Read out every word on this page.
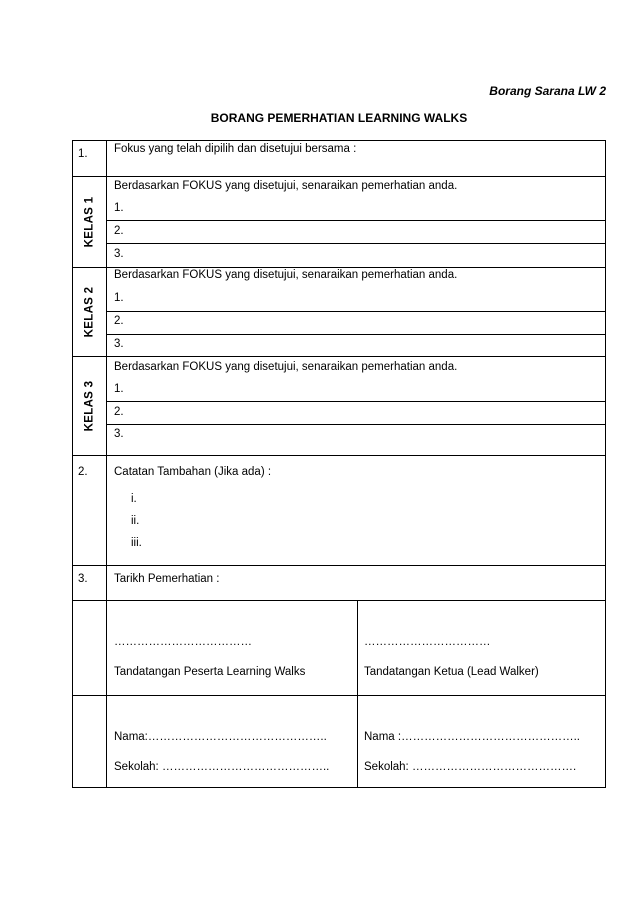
Borang Sarana LW 2
BORANG PEMERHATIAN LEARNING WALKS
1. Fokus yang telah dipilih dan disetujui bersama :
KELAS 1
Berdasarkan FOKUS yang disetujui, senaraikan pemerhatian anda.
1.
2.
3.
KELAS 2
Berdasarkan FOKUS yang disetujui, senaraikan pemerhatian anda.
1.
2.
3.
KELAS 3
Berdasarkan FOKUS yang disetujui, senaraikan pemerhatian anda.
1.
2.
3.
2. Catatan Tambahan (Jika ada) :
i.
ii.
iii.
3. Tarikh Pemerhatian :
………………………………
Tandatangan Peserta Learning Walks
……………………………
Tandatangan Ketua (Lead Walker)
Nama:………………………………………..
Sekolah: ……………………………………..
Nama :………………………………………..
Sekolah: …………………………………….
